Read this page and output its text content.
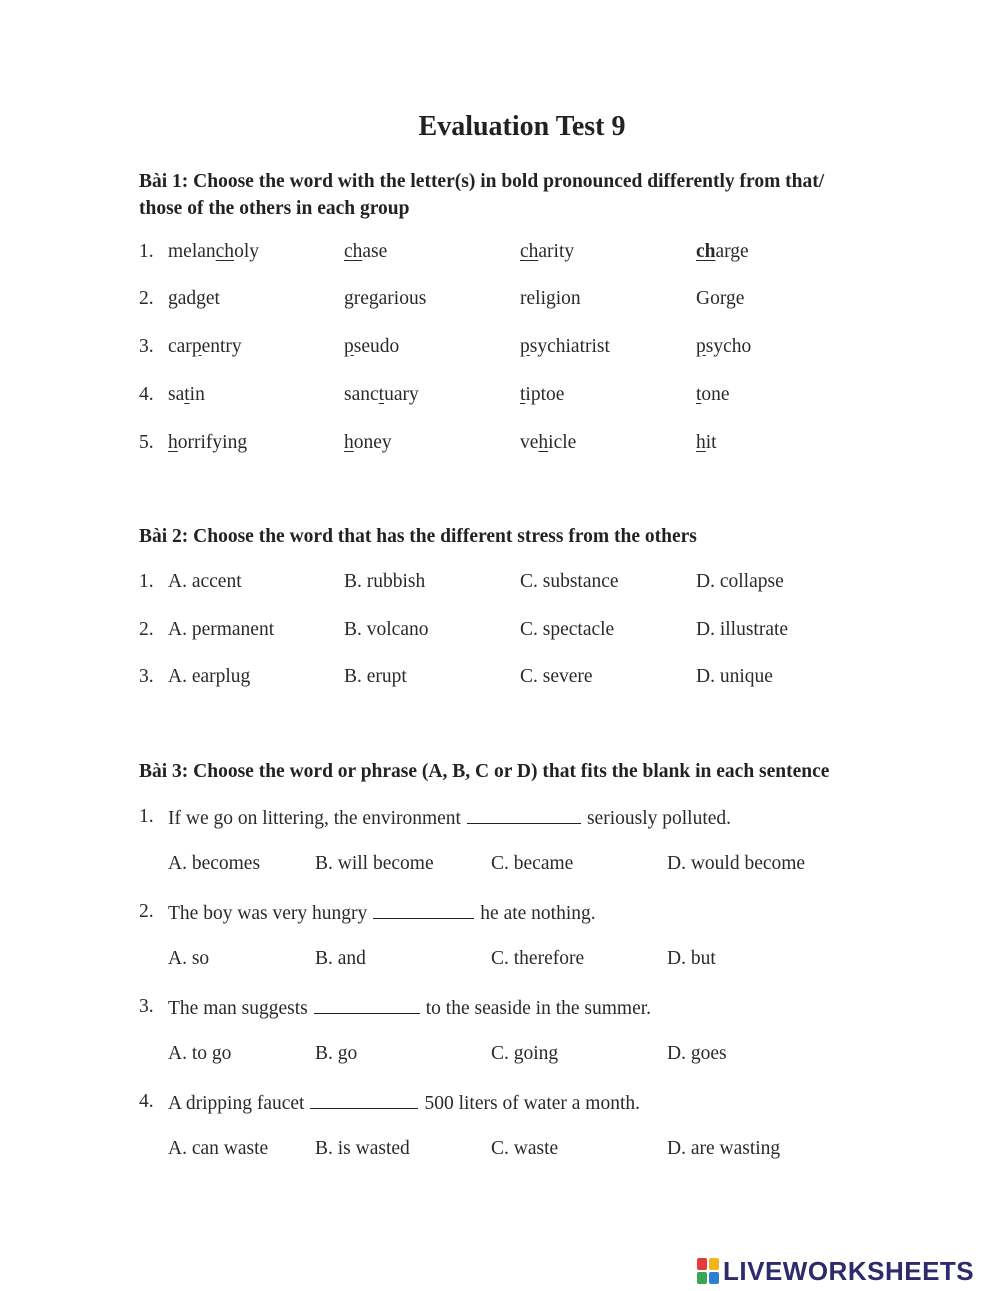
Evaluation Test 9
Bài 1: Choose the word with the letter(s) in bold pronounced differently from that/
those of the others in each group
1. melancholy	chase	charity	charge
2. gadget	gregarious	religion	Gorge
3. carpentry	pseudo	psychiatrist	psycho
4. satin	sanctuary	tiptoe	tone
5. horrifying	honey	vehicle	hit
Bài 2: Choose the word that has the different stress from the others
1. A. accent	B. rubbish	C. substance	D. collapse
2. A. permanent	B. volcano	C. spectacle	D. illustrate
3. A. earplug	B. erupt	C. severe	D. unique
Bài 3: Choose the word or phrase (A, B, C or D) that fits the blank in each sentence
1. If we go on littering, the environment	seriously polluted.
A. becomes	B. will become	C. became	D. would become
2. The boy was very hungry	he ate nothing.
A. so	B. and	C. therefore	D. but
3. The man suggests	to the seaside in the summer.
A. to go	B. go	C. going	D. goes
4. A dripping faucet	500 liters of water a month.
A. can waste B. is wasted	C. waste	D. are wasting
LIVEWORKSHEETS
